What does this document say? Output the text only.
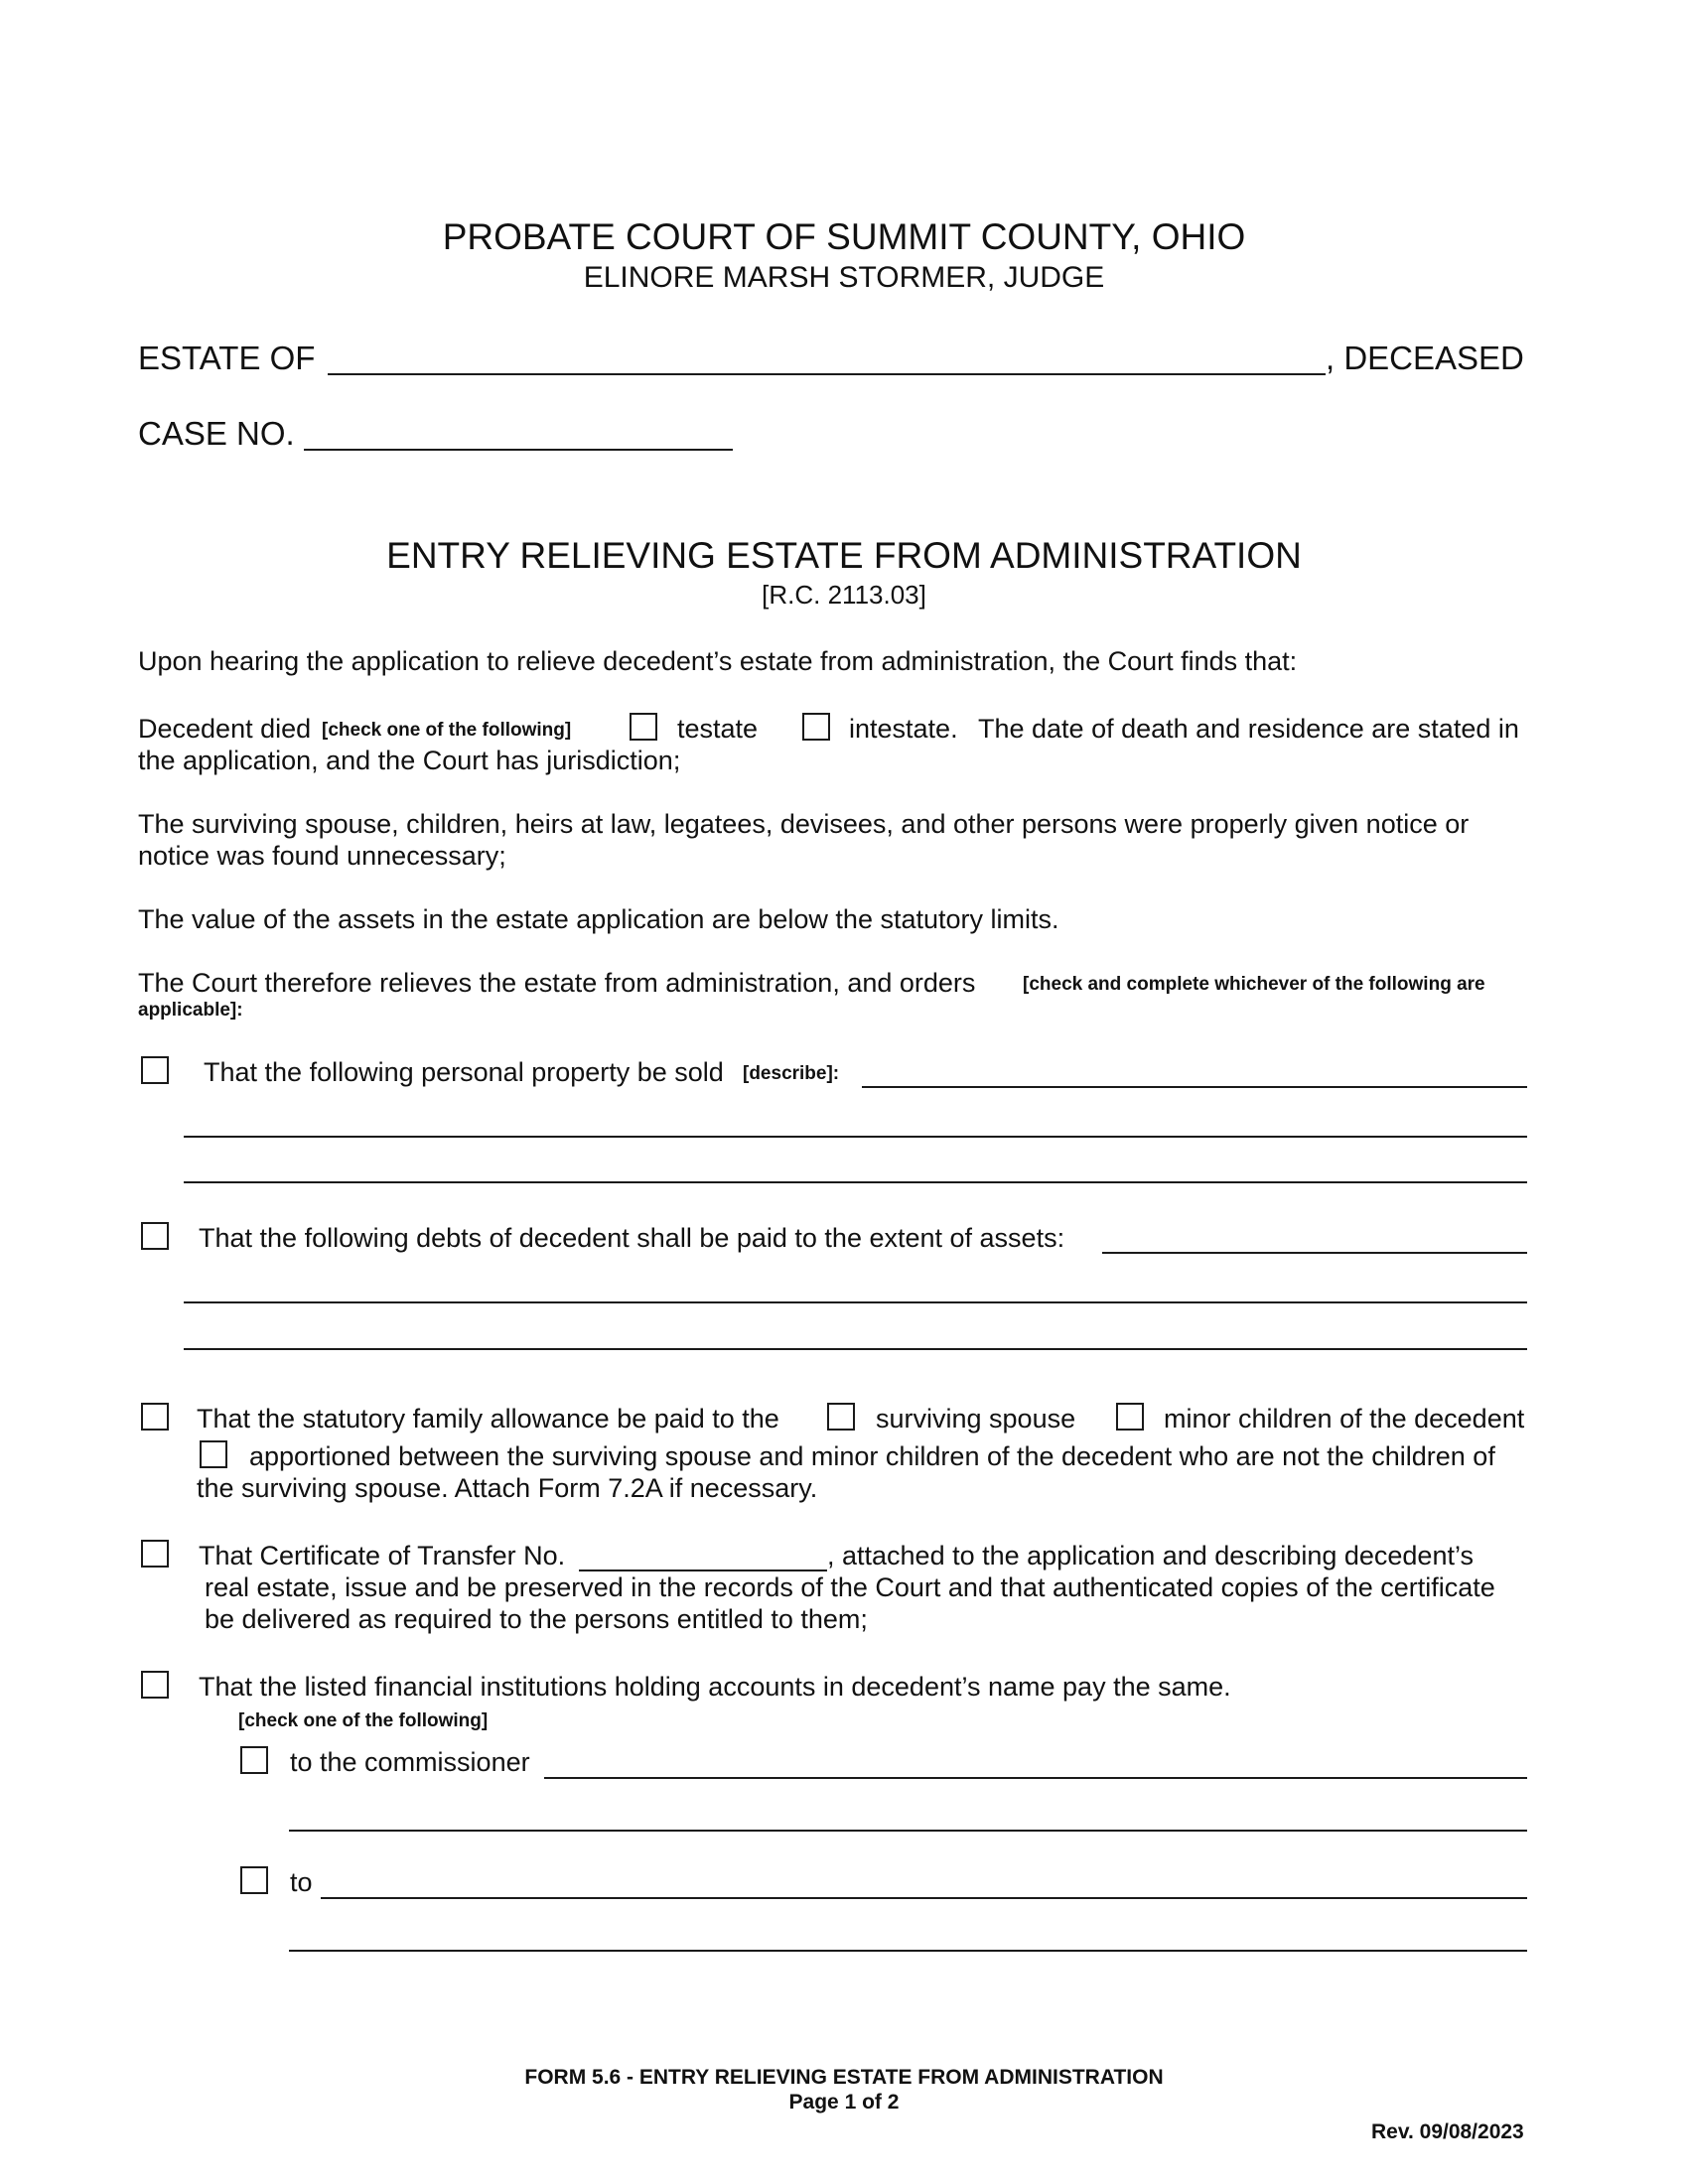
PROBATE COURT OF SUMMIT COUNTY, OHIO
ELINORE MARSH STORMER, JUDGE
ESTATE OF	, DECEASED
CASE NO.
ENTRY RELIEVING ESTATE FROM ADMINISTRATION
[R.C. 2113.03]
Upon hearing the application to relieve decedent’s estate from administration, the Court finds that:
Decedent died [check one of the following]	testate	intestate. The date of death and residence are stated in
the application, and the Court has jurisdiction;
The surviving spouse, children, heirs at law, legatees, devisees, and other persons were properly given notice or
notice was found unnecessary;
The value of the assets in the estate application are below the statutory limits.
The Court therefore relieves the estate from administration, and orders	[check and complete whichever of the following are
applicable]:
That the following personal property be sold [describe]:
That the following debts of decedent shall be paid to the extent of assets:
That the statutory family allowance be paid to the	surviving spouse	minor children of the decedent
apportioned between the surviving spouse and minor children of the decedent who are not the children of
the surviving spouse. Attach Form 7.2A if necessary.
That Certificate of Transfer No.	, attached to the application and describing decedent’s
real estate, issue and be preserved in the records of the Court and that authenticated copies of the certificate
be delivered as required to the persons entitled to them;
That the listed financial institutions holding accounts in decedent’s name pay the same.
[check one of the following]
to the commissioner
to
FORM 5.6 - ENTRY RELIEVING ESTATE FROM ADMINISTRATION
Page 1 of 2
Rev. 09/08/2023
